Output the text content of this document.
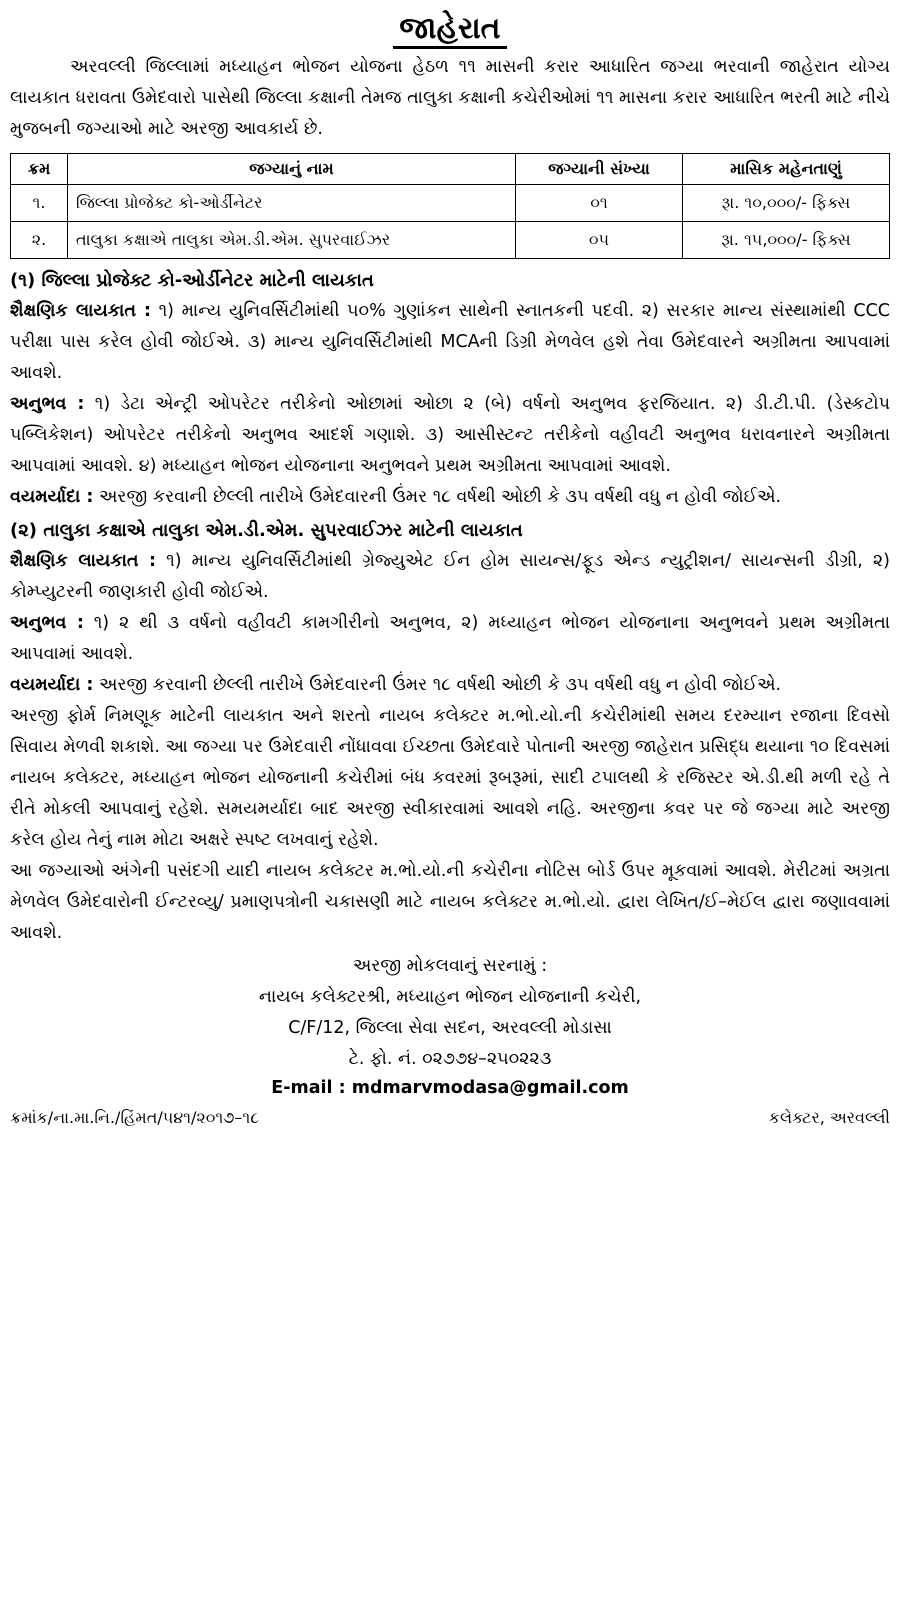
જાહેરાત

અરવલ્લી જિલ્લામાં મધ્યાહન ભોજન યોજના હેઠળ ૧૧ માસની કરાર આધારિત જગ્યા ભરવાની જાહેરાત યોગ્ય લાયકાત ધરાવતા ઉમેદવારો પાસેથી જિલ્લા કક્ષાની તેમજ તાલુકા કક્ષાની કચેરીઓમાં ૧૧ માસના કરાર આધારિત ભરતી માટે નીચે મુજબની જગ્યાઓ માટે અરજી આવકાર્ય છે.

ક્રમ	જગ્યાનું નામ	જગ્યાની સંખ્યા	માસિક મહેનતાણું
૧.	જિલ્લા પ્રોજેક્ટ કો-ઓર્ડીનેટર	૦૧	રૂા. ૧૦,૦૦૦/- ફિક્સ
૨.	તાલુકા કક્ષાએ તાલુકા એમ.ડી.એમ. સુપરવાઈઝર	૦૫	રૂા. ૧૫,૦૦૦/- ફિક્સ
(૧) જિલ્લા પ્રોજેક્ટ કો-ઓર્ડીનેટર માટેની લાયકાત

શૈક્ષણિક લાયકાત : ૧) માન્ય યુનિવર્સિટીમાંથી ૫૦% ગુણાંકન સાથેની સ્નાતકની પદવી. ૨) સરકાર માન્ય સંસ્થામાંથી CCC પરીક્ષા પાસ કરેલ હોવી જોઈએ. ૩) માન્ય યુનિવર્સિટીમાંથી MCAની ડિગ્રી મેળવેલ હશે તેવા ઉમેદવારને અગ્રીમતા આપવામાં આવશે.

અનુભવ : ૧) ડેટા એન્ટ્રી ઓપરેટર તરીકેનો ઓછામાં ઓછા ૨ (બે) વર્ષનો અનુભવ ફરજિયાત. ૨) ડી.ટી.પી. (ડેસ્કટોપ પબ્લિકેશન) ઓપરેટર તરીકેનો અનુભવ આદર્શ ગણાશે. ૩) આસીસ્ટન્ટ તરીકેનો વહીવટી અનુભવ ધરાવનારને અગ્રીમતા આપવામાં આવશે. ૪) મધ્યાહન ભોજન યોજનાના અનુભવને પ્રથમ અગ્રીમતા આપવામાં આવશે.

વયમર્યાદા : અરજી કરવાની છેલ્લી તારીખે ઉમેદવારની ઉંમર ૧૮ વર્ષથી ઓછી કે ૩૫ વર્ષથી વધુ ન હોવી જોઈએ.

(૨) તાલુકા કક્ષાએ તાલુકા એમ.ડી.એમ. સુપરવાઈઝર માટેની લાયકાત

શૈક્ષણિક લાયકાત : ૧) માન્ય યુનિવર્સિટીમાંથી ગ્રેજ્યુએટ ઈન હોમ સાયન્સ/ફૂડ એન્ડ ન્યુટ્રીશન/ સાયન્સની ડીગ્રી, ૨) કોમ્પ્યુટરની જાણકારી હોવી જોઈએ.

અનુભવ : ૧) ૨ થી ૩ વર્ષનો વહીવટી કામગીરીનો અનુભવ, ૨) મધ્યાહન ભોજન યોજનાના અનુભવને પ્રથમ અગ્રીમતા આપવામાં આવશે.

વયમર્યાદા : અરજી કરવાની છેલ્લી તારીખે ઉમેદવારની ઉંમર ૧૮ વર્ષથી ઓછી કે ૩૫ વર્ષથી વધુ ન હોવી જોઈએ.

અરજી ફોર્મ નિમણૂક માટેની લાયકાત અને શરતો નાયબ કલેક્ટર મ.ભો.યો.ની કચેરીમાંથી સમય દરમ્યાન રજાના દિવસો સિવાય મેળવી શકાશે. આ જગ્યા પર ઉમેદવારી નોંધાવવા ઈચ્છતા ઉમેદવારે પોતાની અરજી જાહેરાત પ્રસિદ્ધ થયાના ૧૦ દિવસમાં નાયબ કલેક્ટર, મધ્યાહન ભોજન યોજનાની કચેરીમાં બંધ કવરમાં રૂબરૂમાં, સાદી ટપાલથી કે રજિસ્ટર એ.ડી.થી મળી રહે તે રીતે મોકલી આપવાનું રહેશે. સમયમર્યાદા બાદ અરજી સ્વીકારવામાં આવશે નહિ. અરજીના કવર પર જે જગ્યા માટે અરજી કરેલ હોય તેનું નામ મોટા અક્ષરે સ્પષ્ટ લખવાનું રહેશે.

આ જગ્યાઓ અંગેની પસંદગી યાદી નાયબ કલેક્ટર મ.ભો.યો.ની કચેરીના નોટિસ બોર્ડ ઉપર મૂકવામાં આવશે. મેરીટમાં અગ્રતા મેળવેલ ઉમેદવારોની ઈન્ટરવ્યુ/ પ્રમાણપત્રોની ચકાસણી માટે નાયબ કલેક્ટર મ.ભો.યો. દ્વારા લેખિત/ઈ–મેઈલ દ્વારા જણાવવામાં આવશે.

અરજી મોકલવાનું સરનામું :
નાયબ કલેક્ટરશ્રી, મધ્યાહન ભોજન યોજનાની કચેરી,
C/F/12, જિલ્લા સેવા સદન, અરવલ્લી મોડાસા
ટે. ફો. નં. ૦૨૭૭૪–૨૫૦૨૨૩
E-mail : mdmarvmodasa@gmail.com
ક્રમાંક/ના.મા.નિ./હિંમત/૫૪૧/૨૦૧૭–૧૮	કલેક્ટર, અરવલ્લી
